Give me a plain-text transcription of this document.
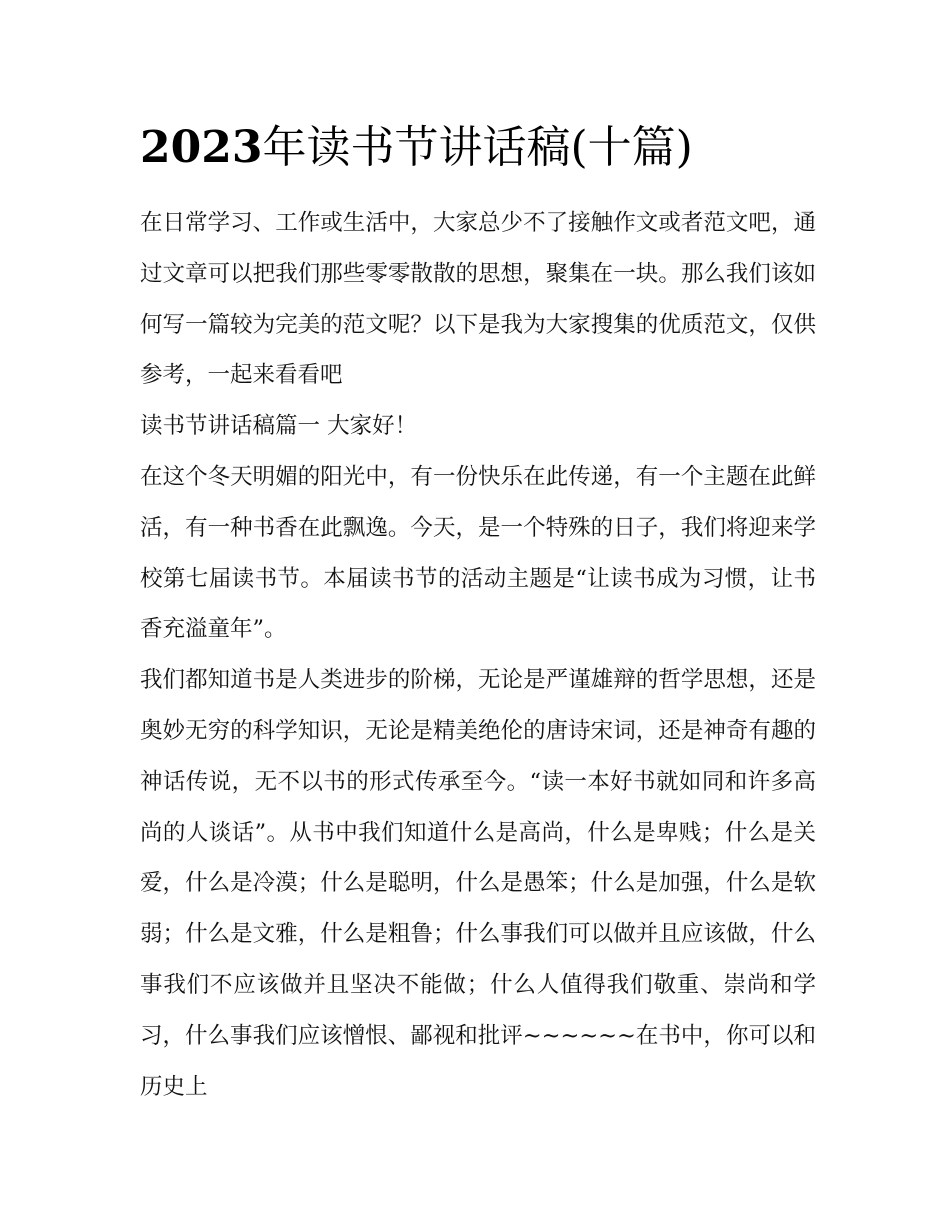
2023年读书节讲话稿(十篇)

在日常学习、工作或生活中，大家总少不了接触作文或者范文吧，通过文章可以把我们那些零零散散的思想，聚集在一块。那么我们该如何写一篇较为完美的范文呢？以下是我为大家搜集的优质范文，仅供参考，一起来看看吧

读书节讲话稿篇一 大家好！

在这个冬天明媚的阳光中，有一份快乐在此传递，有一个主题在此鲜活，有一种书香在此飘逸。今天，是一个特殊的日子，我们将迎来学校第七届读书节。本届读书节的活动主题是“让读书成为习惯，让书香充溢童年”。

我们都知道书是人类进步的阶梯，无论是严谨雄辩的哲学思想，还是奥妙无穷的科学知识，无论是精美绝伦的唐诗宋词，还是神奇有趣的神话传说，无不以书的形式传承至今。“读一本好书就如同和许多高尚的人谈话”。从书中我们知道什么是高尚，什么是卑贱；什么是关爱，什么是冷漠；什么是聪明，什么是愚笨；什么是加强，什么是软弱；什么是文雅，什么是粗鲁；什么事我们可以做并且应该做，什么事我们不应该做并且坚决不能做；什么人值得我们敬重、崇尚和学习，什么事我们应该憎恨、鄙视和批评~~~~~~在书中，你可以和历史上
